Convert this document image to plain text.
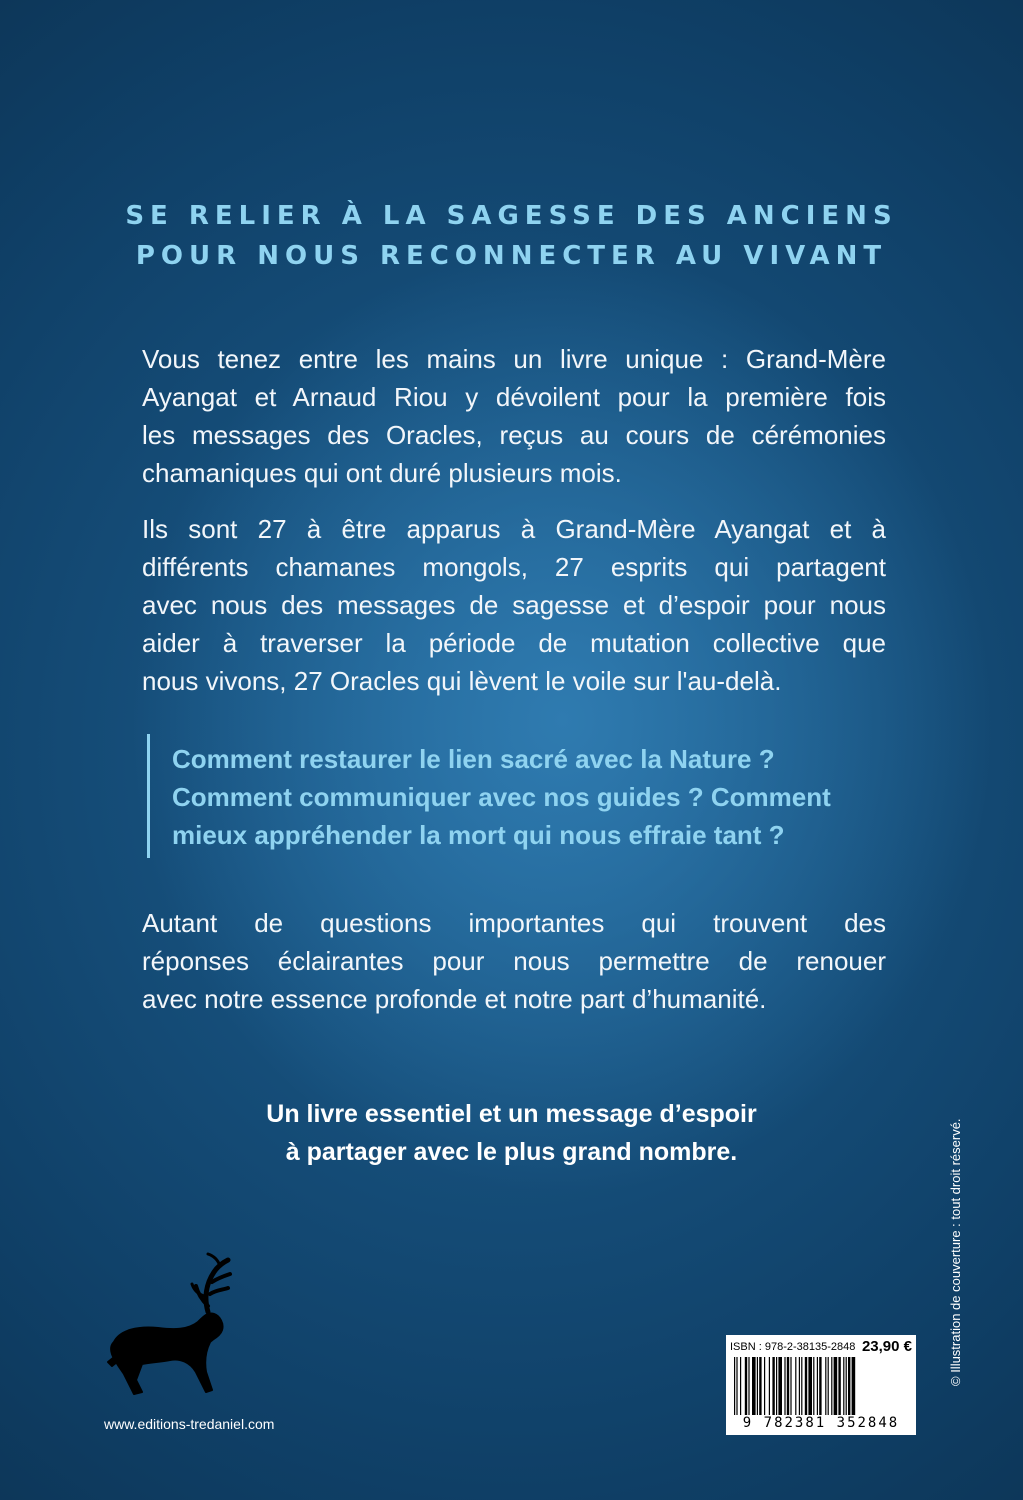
SE RELIER À LA SAGESSE DES ANCIENS
POUR NOUS RECONNECTER AU VIVANT
Vous tenez entre les mains un livre unique : Grand-Mère
Ayangat et Arnaud Riou y dévoilent pour la première fois
les messages des Oracles, reçus au cours de cérémonies
chamaniques qui ont duré plusieurs mois.
Ils sont 27 à être apparus à Grand-Mère Ayangat et à
différents chamanes mongols, 27 esprits qui partagent
avec nous des messages de sagesse et d’espoir pour nous
aider à traverser la période de mutation collective que
nous vivons, 27 Oracles qui lèvent le voile sur l'au-delà.
Comment restaurer le lien sacré avec la Nature ?
Comment communiquer avec nos guides ? Comment
mieux appréhender la mort qui nous effraie tant ?
Autant de questions importantes qui trouvent des
réponses éclairantes pour nous permettre de renouer
avec notre essence profonde et notre part d’humanité.
Un livre essentiel et un message d’espoir
à partager avec le plus grand nombre.
www.editions-tredaniel.com
ISBN : 978-2-38135-2848 23,90 €
9 782381 352848
© Illustration de couverture : tout droit réservé.
